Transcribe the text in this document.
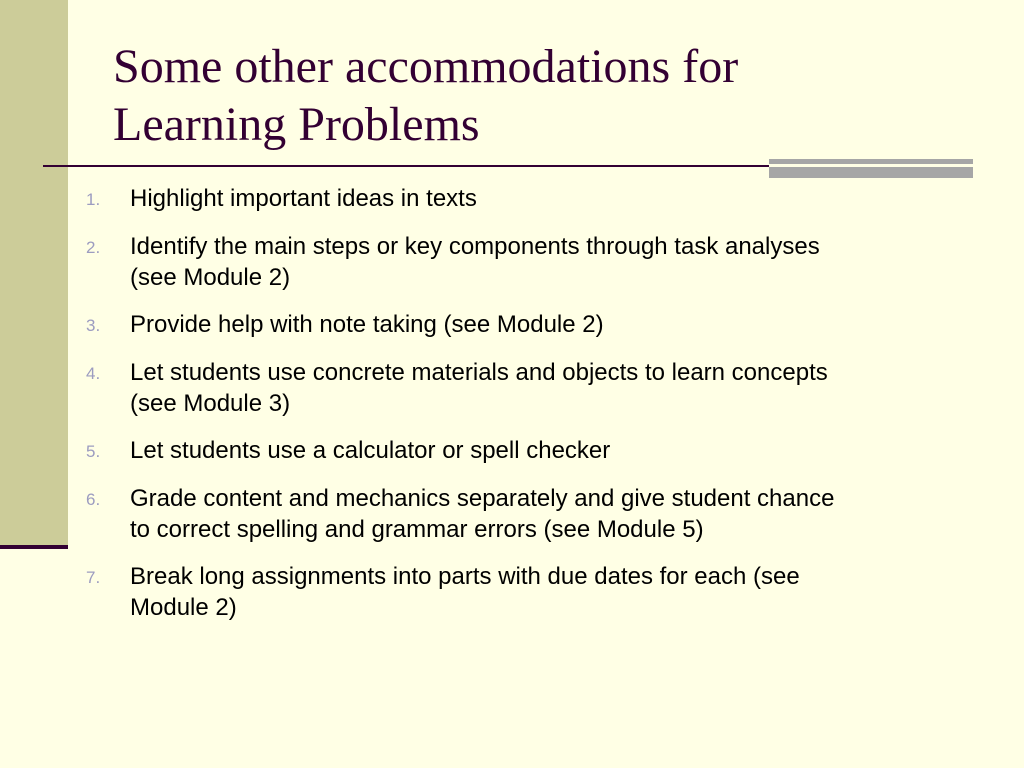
Some other accommodations for
Learning Problems
1.	Highlight important ideas in texts
2.	Identify the main steps or key components through task analyses
(see Module 2)
3.	Provide help with note taking (see Module 2)
4.	Let students use concrete materials and objects to learn concepts
(see Module 3)
5.	Let students use a calculator or spell checker
6.	Grade content and mechanics separately and give student chance
to correct spelling and grammar errors (see Module 5)
7.	Break long assignments into parts with due dates for each (see
Module 2)
